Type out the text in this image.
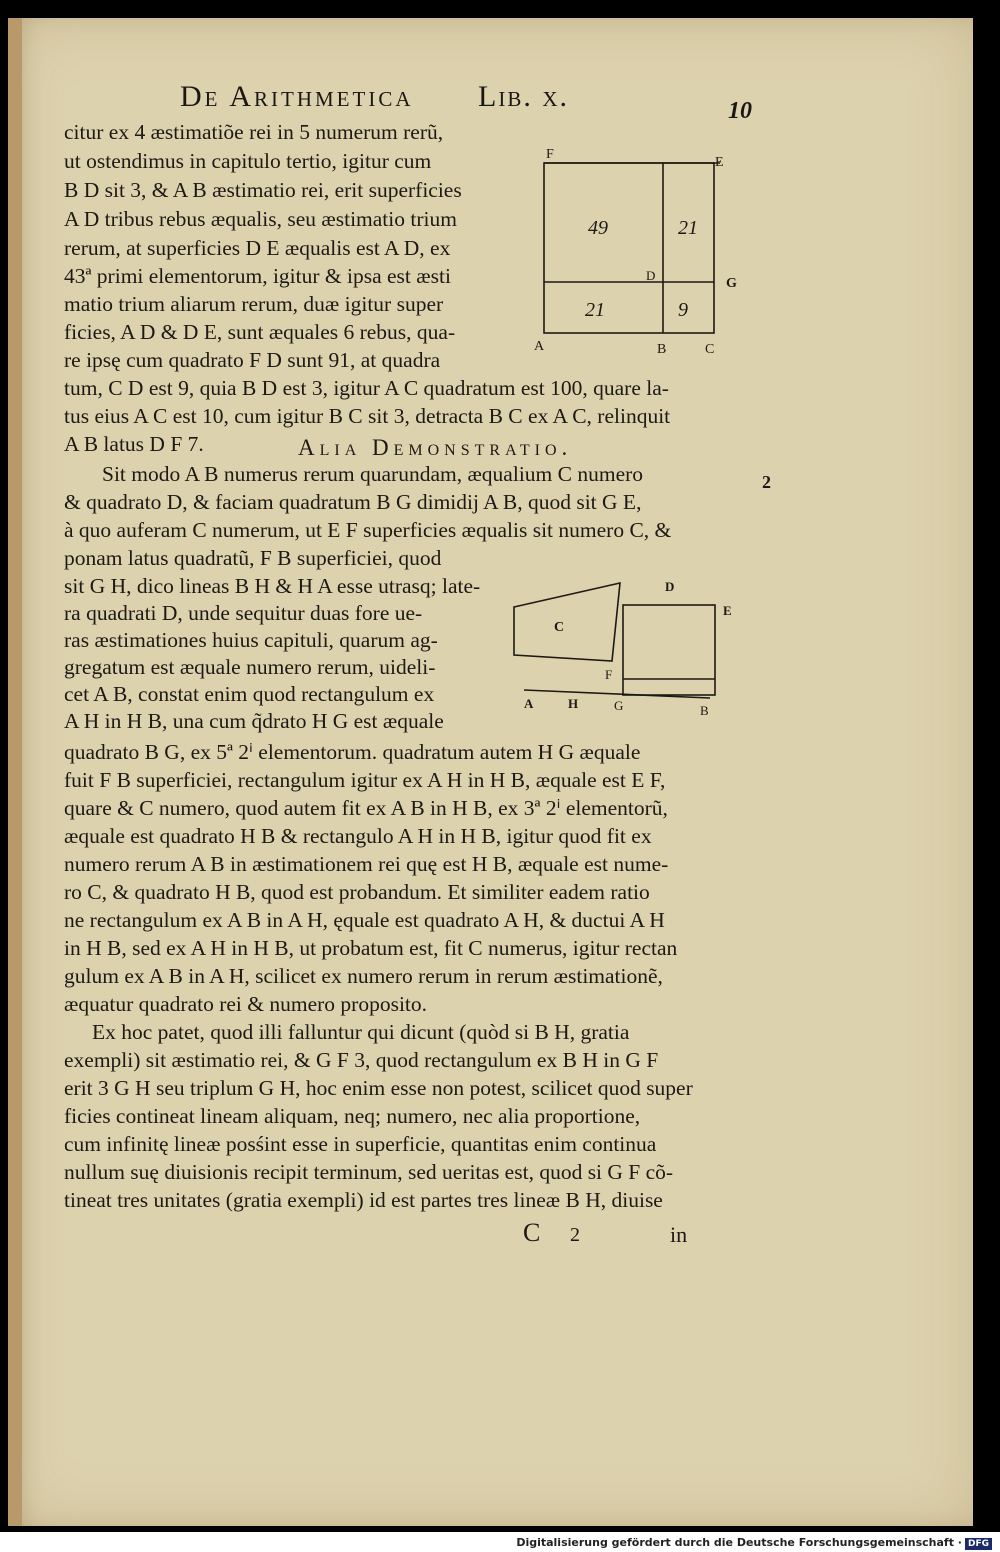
De Arithmetica Lib. x.	10
citur ex 4 æstimatiõe rei in 5 numerum rerũ,
ut ostendimus in capitulo tertio, igitur cum
B D sit 3, & A B æstimatio rei, erit superficies
A D tribus rebus æqualis, seu æstimatio trium
rerum, at superficies D E æqualis est A D, ex
43ª primi elementorum, igitur & ipsa est æsti
matio trium aliarum rerum, duæ igitur super
ficies, A D & D E, sunt æquales 6 rebus, qua-
re ipsę cum quadrato F D sunt 91, at quadra
F
E
G
D
A	B	C
49	21
21	9
tum, C D est 9, quia B D est 3, igitur A C quadratum est 100, quare la-
tus eius A C est 10, cum igitur B C sit 3, detracta B C ex A C, relinquit
A B latus D F 7.	Alia Demonstratio.
2
Sit modo A B numerus rerum quarundam, æqualium C numero
& quadrato D, & faciam quadratum B G dimidij A B, quod sit G E,
à quo auferam C numerum, ut E F superficies æqualis sit numero C, &
ponam latus quadratũ, F B superficiei, quod
sit G H, dico lineas B H & H A esse utrasq; late-
ra quadrati D, unde sequitur duas fore ue-
ras æstimationes huius capituli, quarum ag-
gregatum est æquale numero rerum, uideli-
cet A B, constat enim quod rectangulum ex
A H in H B, una cum q̃drato H G est æquale
D
E
C
F
A	H	G	B
quadrato B G, ex 5ª 2ⁱ elementorum. quadratum autem H G æquale
fuit F B superficiei, rectangulum igitur ex A H in H B, æquale est E F,
quare & C numero, quod autem fit ex A B in H B, ex 3ª 2ⁱ elementorũ,
æquale est quadrato H B & rectangulo A H in H B, igitur quod fit ex
numero rerum A B in æstimationem rei quę est H B, æquale est nume-
ro C, & quadrato H B, quod est probandum. Et similiter eadem ratio
ne rectangulum ex A B in A H, ęquale est quadrato A H, & ductui A H
in H B, sed ex A H in H B, ut probatum est, fit C numerus, igitur rectan
gulum ex A B in A H, scilicet ex numero rerum in rerum æstimationẽ,
æquatur quadrato rei & numero proposito.
Ex hoc patet, quod illi falluntur qui dicunt (quòd si B H, gratia
exempli) sit æstimatio rei, & G F 3, quod rectangulum ex B H in G F
erit 3 G H seu triplum G H, hoc enim esse non potest, scilicet quod super
ficies contineat lineam aliquam, neq; numero, nec alia proportione,
cum infinitę lineæ posśint esse in superficie, quantitas enim continua
nullum suę diuisionis recipit terminum, sed ueritas est, quod si G F cõ-
tineat tres unitates (gratia exempli) id est partes tres lineæ B H, diuise
C 2	in
Digitalisierung gefördert durch die Deutsche Forschungsgemeinschaft · DFG
